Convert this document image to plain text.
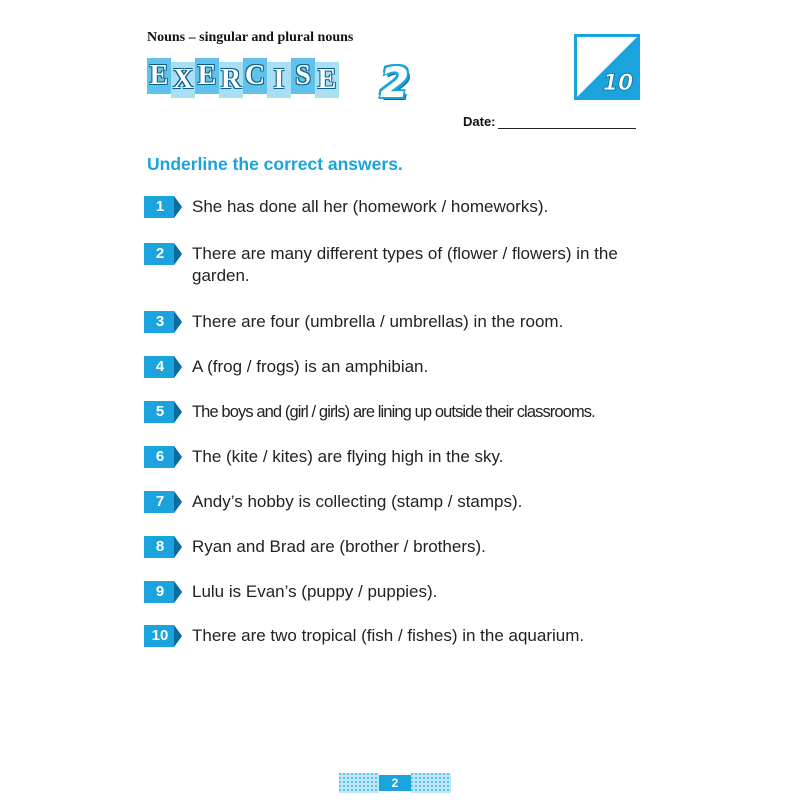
Nouns – singular and plural nouns
E X E R C I S E 2	10
Date:
Underline the correct answers.
1	She has done all her (homework / homeworks).
2	There are many different types of (flower / flowers) in the garden.
3	There are four (umbrella / umbrellas) in the room.
4	A (frog / frogs) is an amphibian.
5	The boys and (girl / girls) are lining up outside their classrooms.
6	The (kite / kites) are flying high in the sky.
7	Andy’s hobby is collecting (stamp / stamps).
8	Ryan and Brad are (brother / brothers).
9	Lulu is Evan’s (puppy / puppies).
10	There are two tropical (fish / fishes) in the aquarium.
2
